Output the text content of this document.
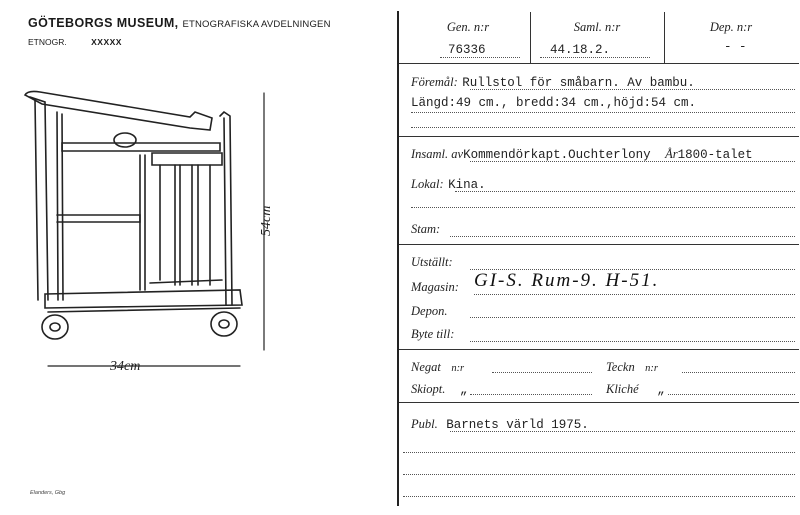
GÖTEBORGS MUSEUM, ETNOGRAFISKA AVDELNINGEN
ETNOGR.	XXXXX
34cm
54cm
Elanders, Gbg
Gen. n:r	Saml. n:r	Dep. n:r
76336	44.18.2.	- -
Föremål: Rullstol för småbarn. Av bambu.
Längd:49 cm., bredd:34 cm.,höjd:54 cm.
Insaml. avKommendörkapt.Ouchterlony År1800-talet
Lokal: Kina.
Stam:
Utställt:
Magasin: GI-S. Rum-9. H-51.
Depon.
Byte till:
Negat n:r	Teckn n:r
Skiopt. „	Kliché „
Publ. Barnets värld 1975.
